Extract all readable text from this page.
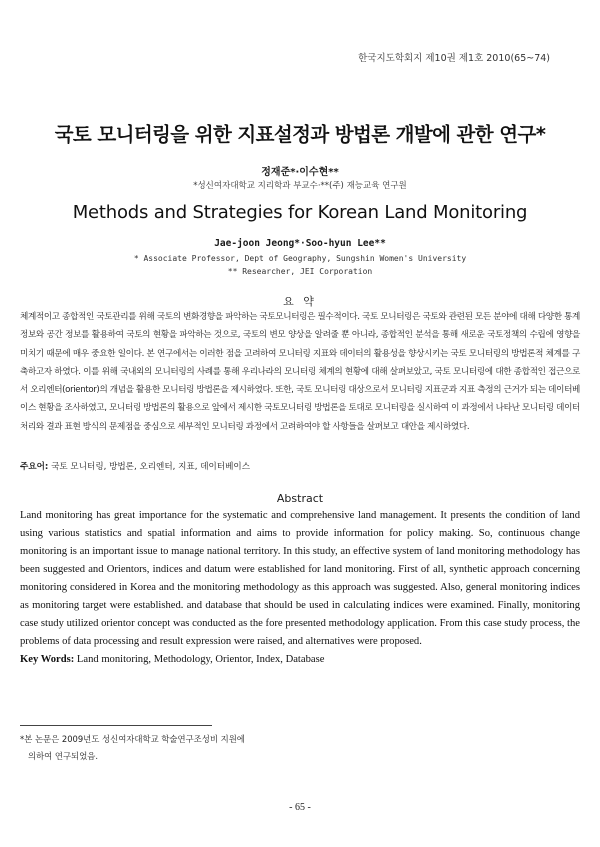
한국지도학회지 제10권 제1호 2010(65~74)
국토 모니터링을 위한 지표설정과 방법론 개발에 관한 연구*
정재준*·이수현**
*성신여자대학교 지리학과 부교수·**(주) 재능교육 연구원
Methods and Strategies for Korean Land Monitoring
Jae-joon Jeong*·Soo-hyun Lee**
* Associate Professor, Dept of Geography, Sungshin Women's University
** Researcher, JEI Corporation
요 약
체계적이고 종합적인 국토관리를 위해 국토의 변화경향을 파악하는 국토모니터링은 필수적이다. 국토 모니터링은 국토와 관련된 모든 분야에 대해 다양한 통계정보와 공간 정보를 활용하여 국토의 현황을 파악하는 것으로, 국토의 변모 양상을 알려줄 뿐 아니라, 종합적인 분석을 통해 새로운 국토정책의 수립에 영향을 미치기 때문에 매우 중요한 일이다. 본 연구에서는 이러한 점을 고려하여 모니터링 지표와 데이터의 활용성을 향상시키는 국토 모니터링의 방법론적 체계를 구축하고자 하였다. 이를 위해 국내외의 모니터링의 사례를 통해 우리나라의 모니터링 체계의 현황에 대해 살펴보았고, 국토 모니터링에 대한 종합적인 접근으로서 오리엔터(orientor)의 개념을 활용한 모니터링 방법론을 제시하였다. 또한, 국토 모니터링 대상으로서 모니터링 지표군과 지표 측정의 근거가 되는 데이터베이스 현황을 조사하였고, 모니터링 방법론의 활용으로 앞에서 제시한 국토모니터링 방법론을 토대로 모니터링을 실시하여 이 과정에서 나타난 모니터링 데이터 처리와 결과 표현 방식의 문제점을 중심으로 세부적인 모니터링 과정에서 고려하여야 할 사항들을 살펴보고 대안을 제시하였다.
주요어: 국토 모니터링, 방법론, 오리엔터, 지표, 데이터베이스
Abstract
Land monitoring has great importance for the systematic and comprehensive land management. It presents the condition of land using various statistics and spatial information and aims to provide information for policy making. So, continuous change monitoring is an important issue to manage national territory. In this study, an effective system of land monitoring methodology has been suggested and Orientors, indices and datum were established for land monitoring. First of all, synthetic approach concerning monitoring considered in Korea and the monitoring methodology as this approach was suggested. Also, general monitoring indices as monitoring target were established. and database that should be used in calculating indices were examined. Finally, monitoring case study utilized orientor concept was conducted as the fore presented methodology application. From this case study process, the problems of data processing and result expression were raised, and alternatives were proposed.
Key Words: Land monitoring, Methodology, Orientor, Index, Database
*본 논문은 2009년도 성신여자대학교 학술연구조성비 지원에
의하여 연구되었음.
- 65 -
